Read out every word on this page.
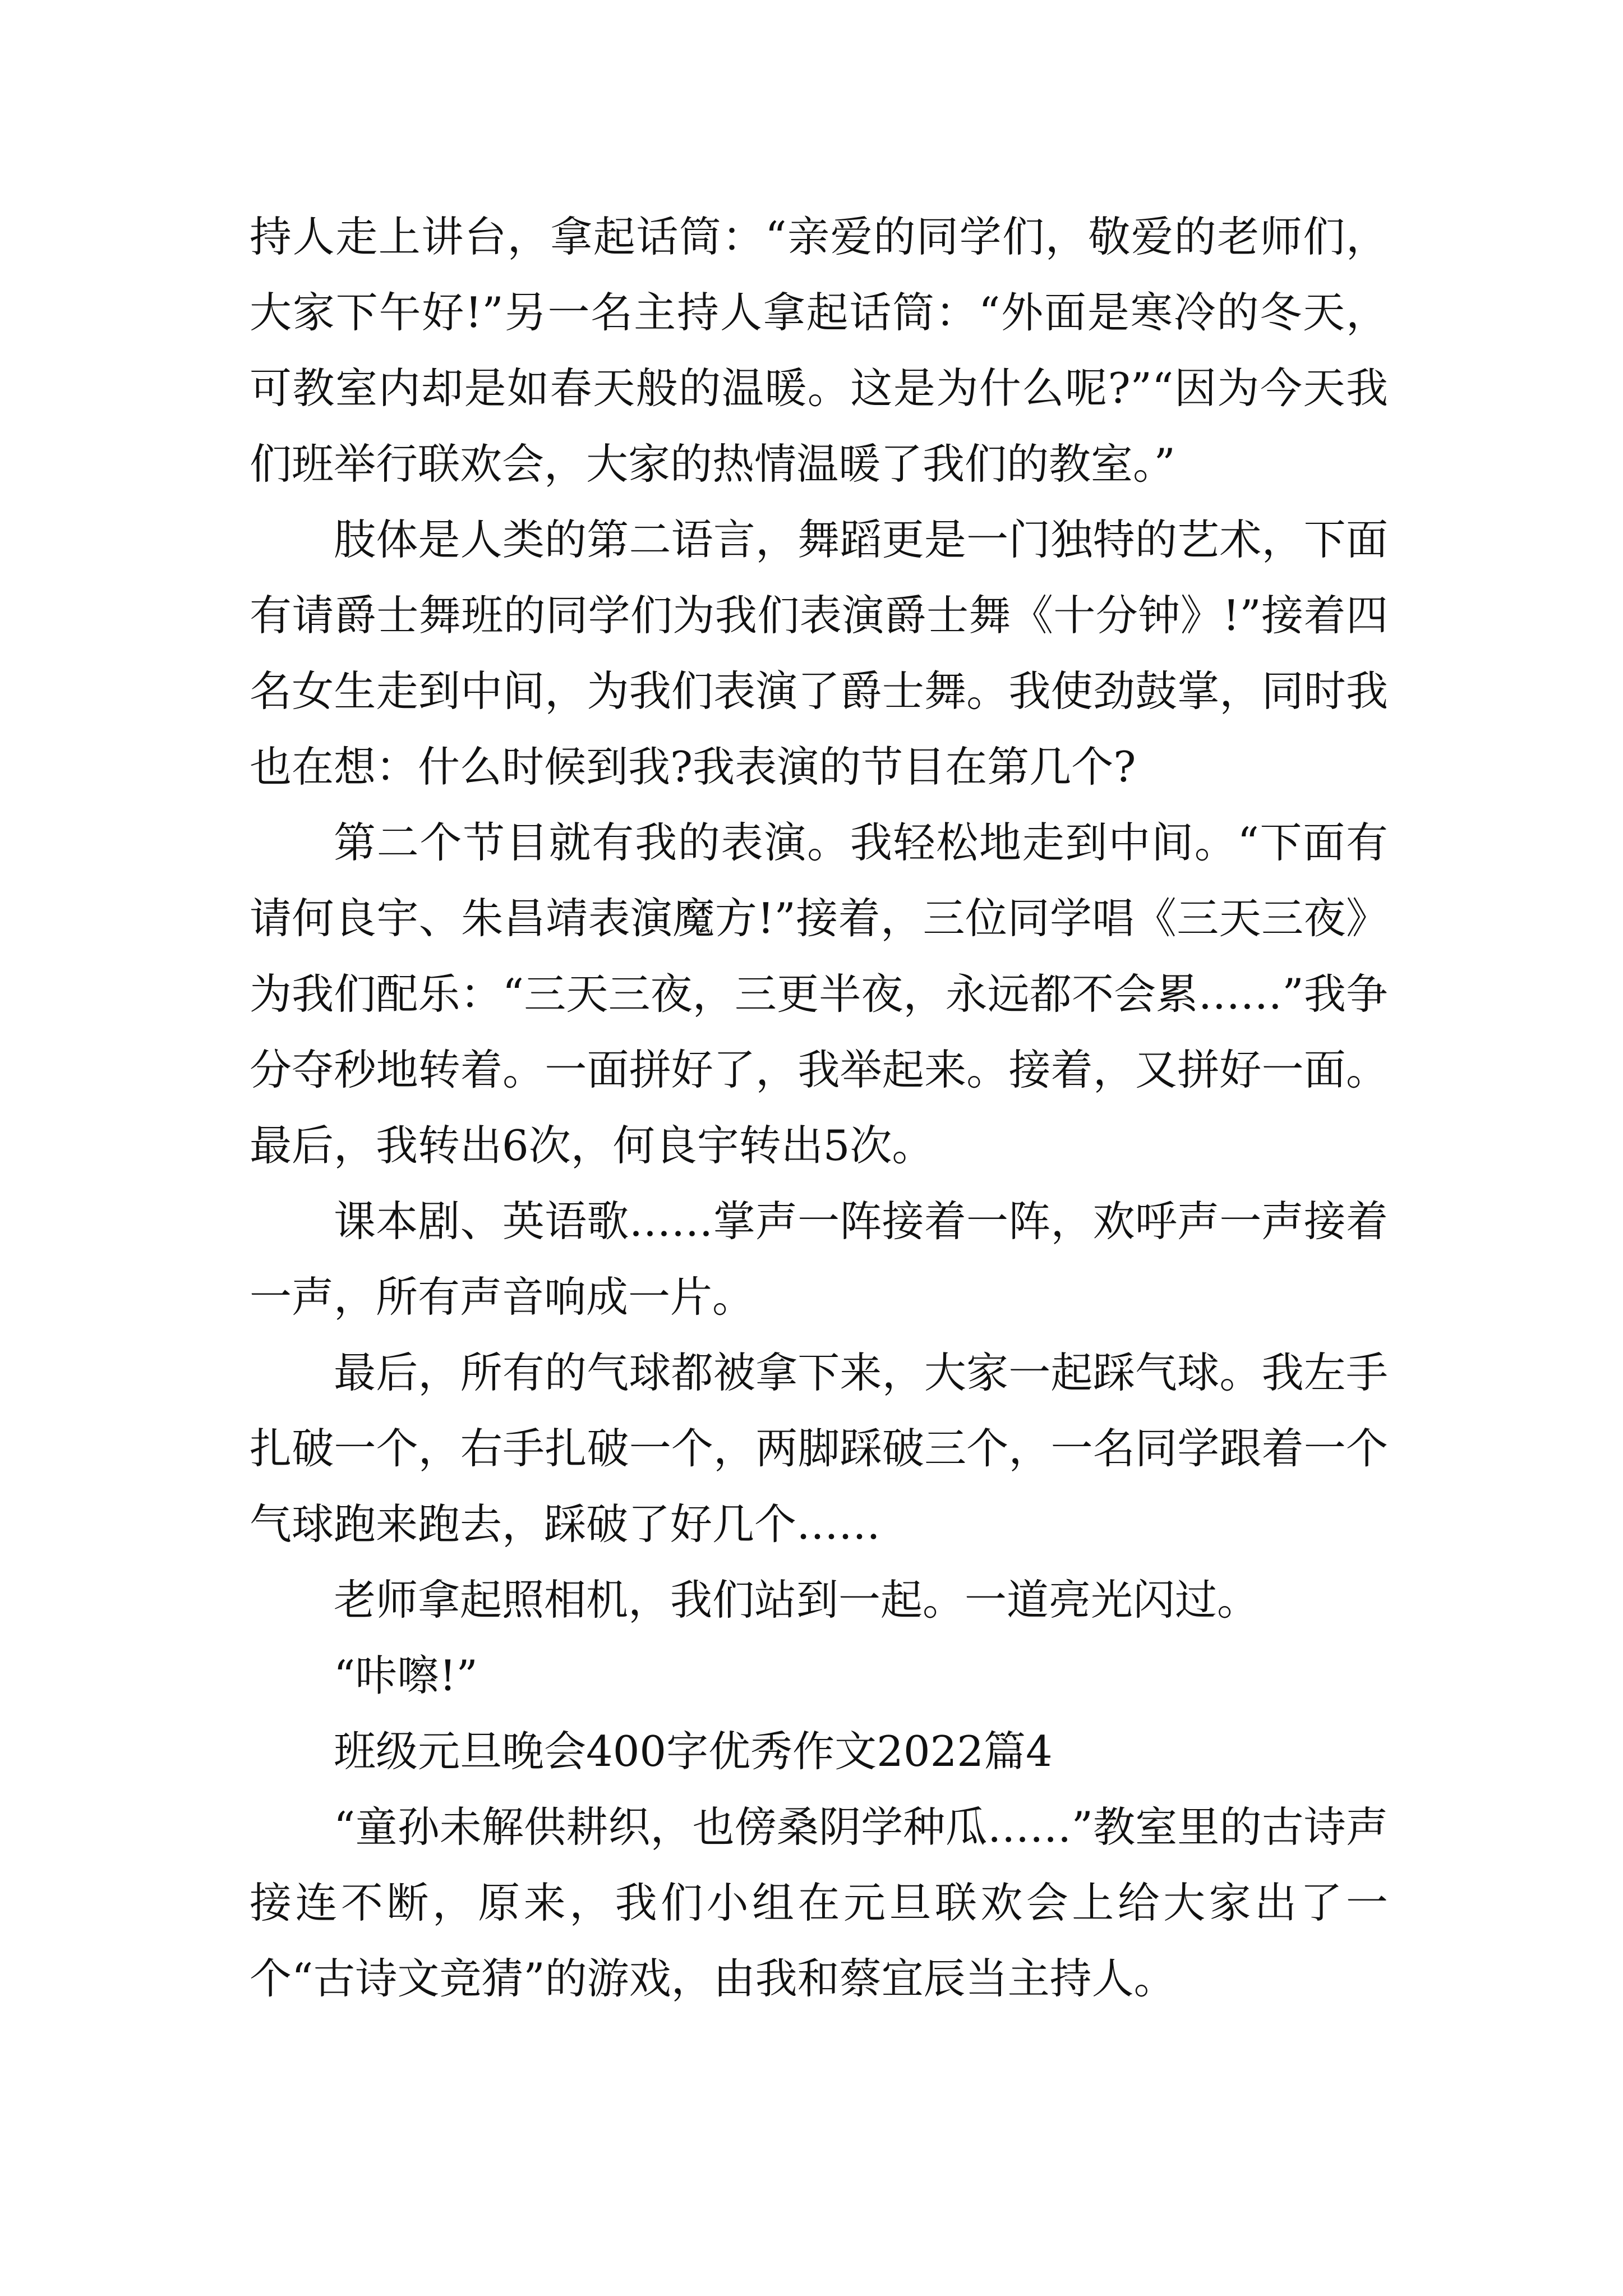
持人走上讲台，拿起话筒：“亲爱的同学们，敬爱的老师们，大家下午好!”另一名主持人拿起话筒：“外面是寒冷的冬天，可教室内却是如春天般的温暖。这是为什么呢?”“因为今天我们班举行联欢会，大家的热情温暖了我们的教室。”

肢体是人类的第二语言，舞蹈更是一门独特的艺术，下面有请爵士舞班的同学们为我们表演爵士舞《十分钟》!”接着四名女生走到中间，为我们表演了爵士舞。我使劲鼓掌，同时我也在想：什么时候到我?我表演的节目在第几个?

第二个节目就有我的表演。我轻松地走到中间。“下面有请何良宇、朱昌靖表演魔方!”接着，三位同学唱《三天三夜》为我们配乐：“三天三夜，三更半夜，永远都不会累……”我争分夺秒地转着。一面拼好了，我举起来。接着，又拼好一面。最后，我转出6次，何良宇转出5次。

课本剧、英语歌……掌声一阵接着一阵，欢呼声一声接着一声，所有声音响成一片。

最后，所有的气球都被拿下来，大家一起踩气球。我左手扎破一个，右手扎破一个，两脚踩破三个，一名同学跟着一个气球跑来跑去，踩破了好几个……

老师拿起照相机，我们站到一起。一道亮光闪过。

“咔嚓!”

班级元旦晚会400字优秀作文2022篇4

“童孙未解供耕织，也傍桑阴学种瓜……”教室里的古诗声接连不断，原来，我们小组在元旦联欢会上给大家出了一个“古诗文竞猜”的游戏，由我和蔡宜辰当主持人。
